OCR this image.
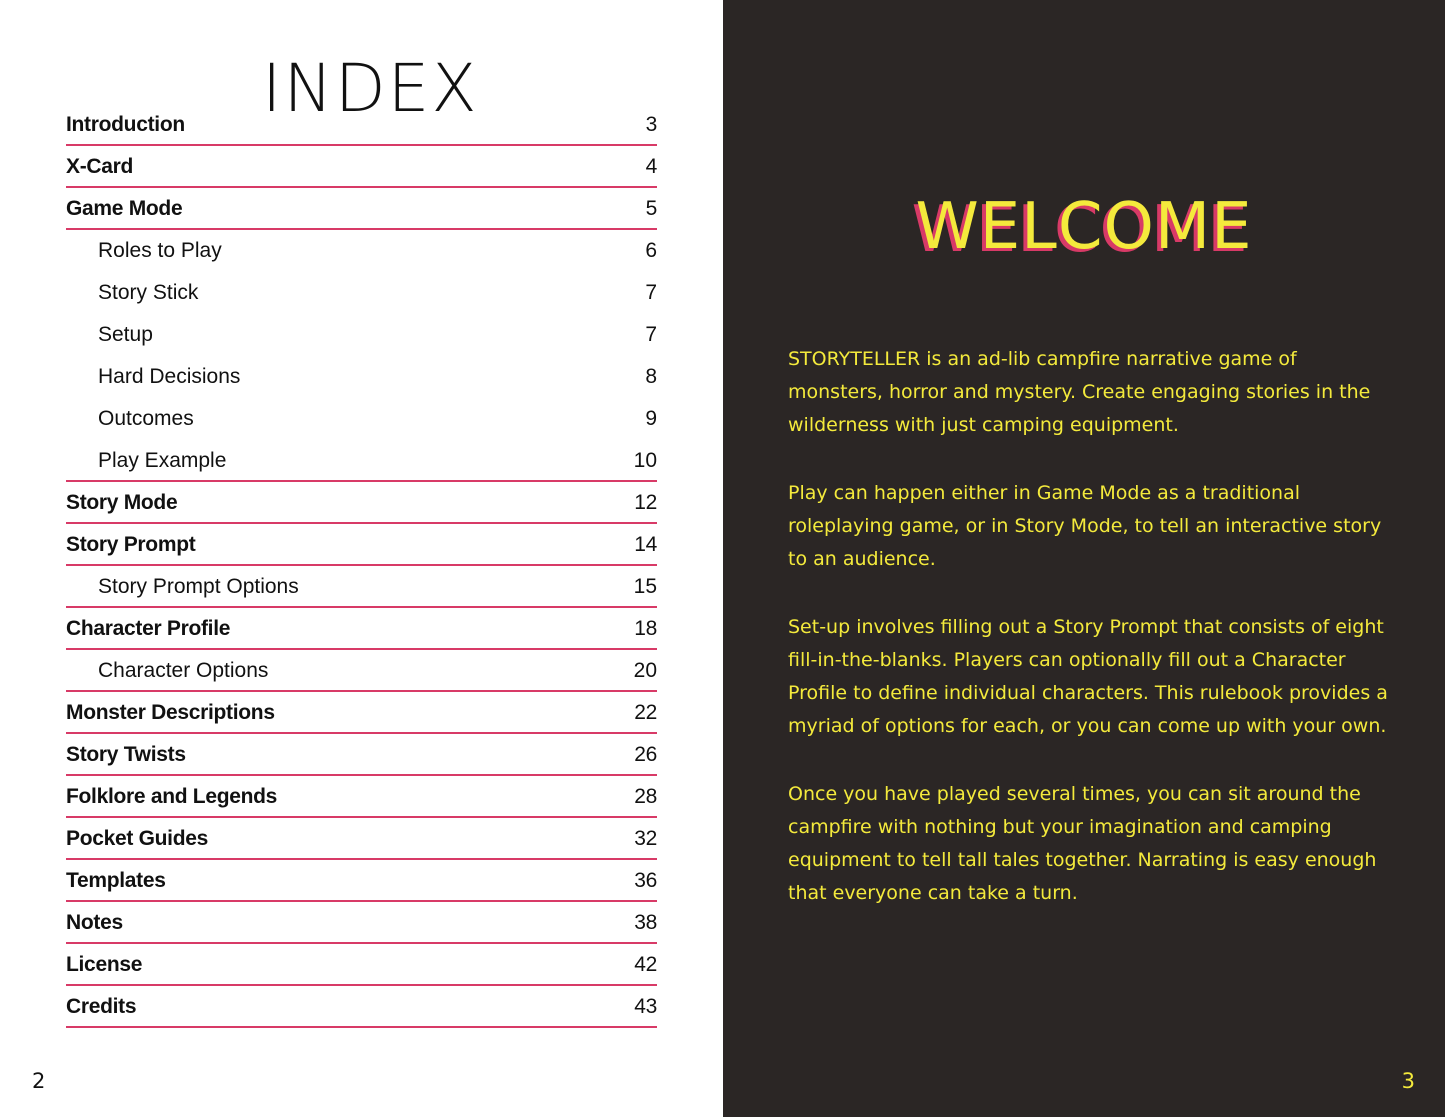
INDEX
Introduction	3
X-Card	4
Game Mode	5
Roles to Play	6
Story Stick	7
Setup	7
Hard Decisions	8
Outcomes	9
Play Example	10
Story Mode	12
Story Prompt	14
Story Prompt Options	15
Character Profile	18
Character Options	20
Monster Descriptions	22
Story Twists	26
Folklore and Legends	28
Pocket Guides	32
Templates	36
Notes	38
License	42
Credits	43
2
WELCOME

STORYTELLER is an ad-lib campfire narrative game of monsters, horror and mystery. Create engaging stories in the wilderness with just camping equipment.

Play can happen either in Game Mode as a traditional roleplaying game, or in Story Mode, to tell an interactive story to an audience.

Set-up involves filling out a Story Prompt that consists of eight fill-in-the-blanks. Players can optionally fill out a Character Profile to define individual characters. This rulebook provides a myriad of options for each, or you can come up with your own.

Once you have played several times, you can sit around the campfire with nothing but your imagination and camping equipment to tell tall tales together. Narrating is easy enough that everyone can take a turn.

3
